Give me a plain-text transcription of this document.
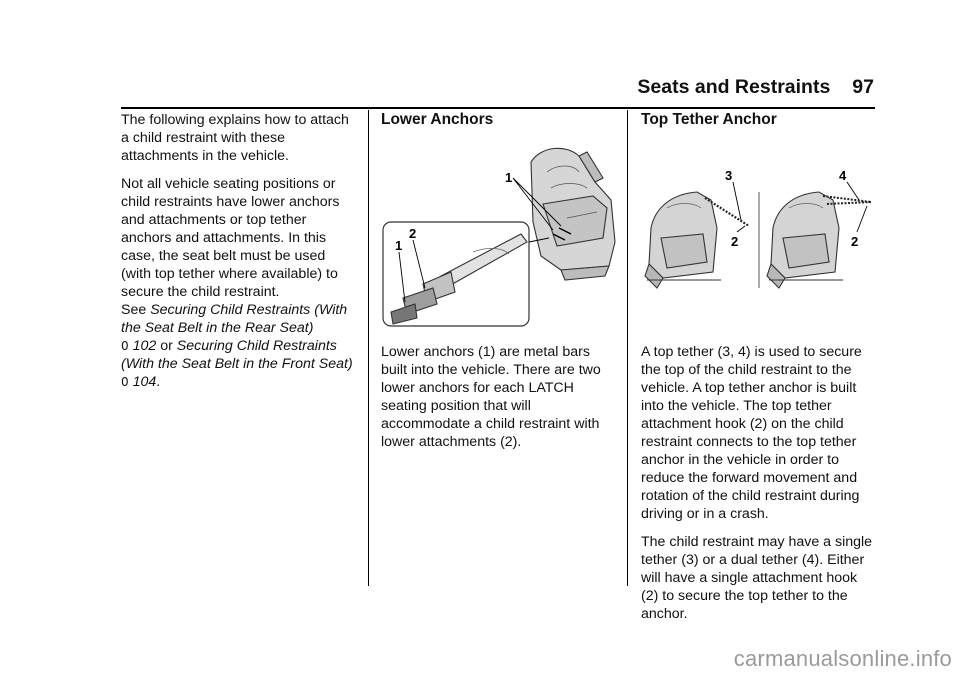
Seats and Restraints 97

The following explains how to attach a child restraint with these attachments in the vehicle.

Not all vehicle seating positions or child restraints have lower anchors and attachments or top tether anchors and attachments. In this case, the seat belt must be used (with top tether where available) to secure the child restraint.
See Securing Child Restraints (With the Seat Belt in the Rear Seat)
0 102 or Securing Child Restraints (With the Seat Belt in the Front Seat) 0 104.

Lower Anchors
1
2
1

Lower anchors (1) are metal bars built into the vehicle. There are two lower anchors for each LATCH seating position that will accommodate a child restraint with lower attachments (2).

Top Tether Anchor
3
2
4
2

A top tether (3, 4) is used to secure the top of the child restraint to the vehicle. A top tether anchor is built into the vehicle. The top tether attachment hook (2) on the child restraint connects to the top tether anchor in the vehicle in order to reduce the forward movement and rotation of the child restraint during driving or in a crash.

The child restraint may have a single tether (3) or a dual tether (4). Either will have a single attachment hook (2) to secure the top tether to the anchor.

carmanualsonline.info
